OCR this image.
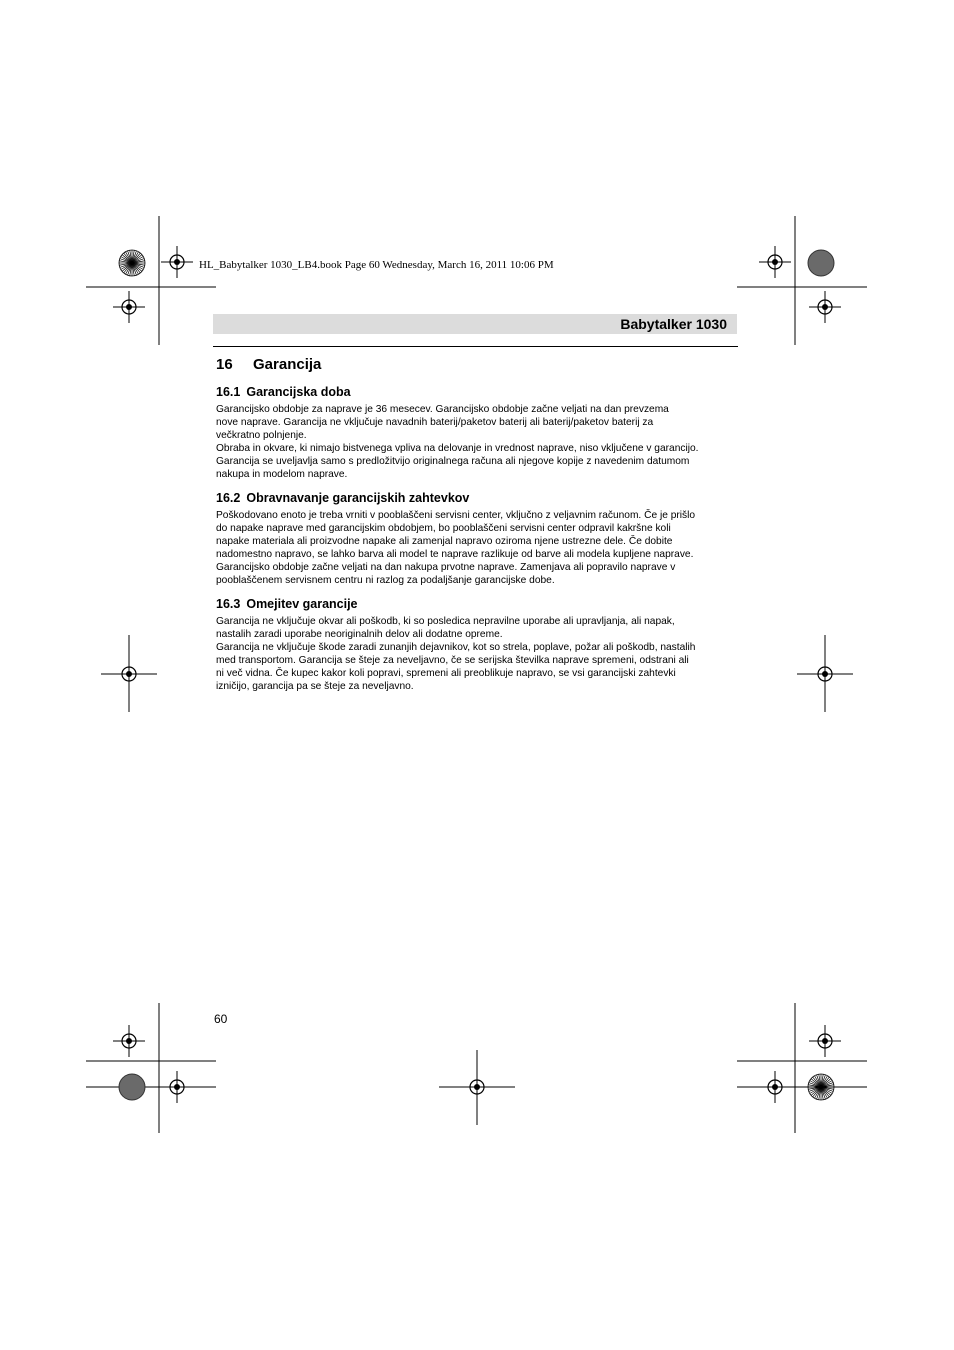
HL_Babytalker 1030_LB4.book Page 60 Wednesday, March 16, 2011 10:06 PM
Babytalker 1030
16 Garancija
16.1 Garancijska doba

Garancijsko obdobje za naprave je 36 mesecev. Garancijsko obdobje začne veljati na dan prevzema
nove naprave. Garancija ne vključuje navadnih baterij/paketov baterij ali baterij/paketov baterij za
večkratno polnjenje.
Obraba in okvare, ki nimajo bistvenega vpliva na delovanje in vrednost naprave, niso vključene v garancijo.
Garancija se uveljavlja samo s predložitvijo originalnega računa ali njegove kopije z navedenim datumom
nakupa in modelom naprave.

16.2 Obravnavanje garancijskih zahtevkov

Poškodovano enoto je treba vrniti v pooblaščeni servisni center, vključno z veljavnim računom. Če je prišlo
do napake naprave med garancijskim obdobjem, bo pooblaščeni servisni center odpravil kakršne koli
napake materiala ali proizvodne napake ali zamenjal napravo oziroma njene ustrezne dele. Če dobite
nadomestno napravo, se lahko barva ali model te naprave razlikuje od barve ali modela kupljene naprave.
Garancijsko obdobje začne veljati na dan nakupa prvotne naprave. Zamenjava ali popravilo naprave v
pooblaščenem servisnem centru ni razlog za podaljšanje garancijske dobe.

16.3 Omejitev garancije

Garancija ne vključuje okvar ali poškodb, ki so posledica nepravilne uporabe ali upravljanja, ali napak,
nastalih zaradi uporabe neoriginalnih delov ali dodatne opreme.
Garancija ne vključuje škode zaradi zunanjih dejavnikov, kot so strela, poplave, požar ali poškodb, nastalih
med transportom. Garancija se šteje za neveljavno, če se serijska številka naprave spremeni, odstrani ali
ni več vidna. Če kupec kakor koli popravi, spremeni ali preoblikuje napravo, se vsi garancijski zahtevki
izničijo, garancija pa se šteje za neveljavno.

60
